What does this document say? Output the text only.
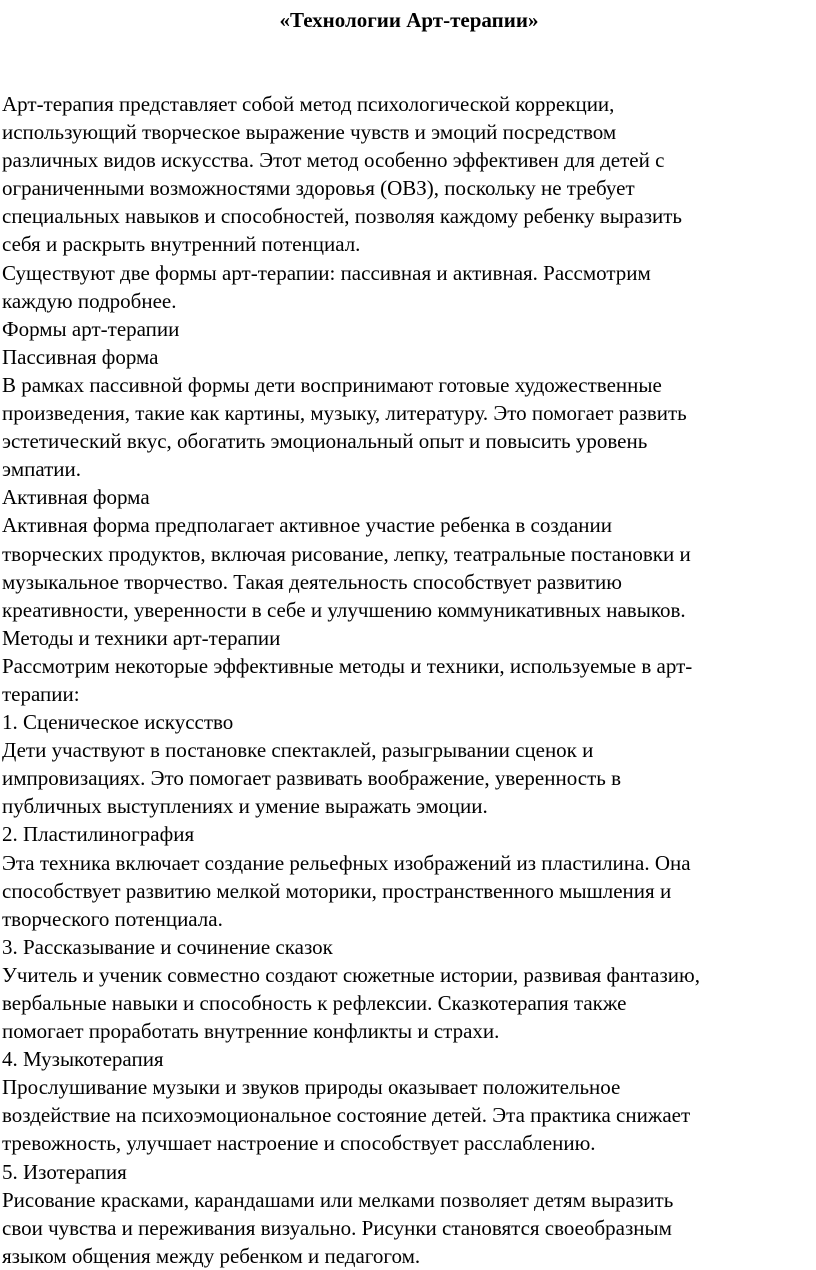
«Технологии Арт-терапии»
Арт-терапия представляет собой метод психологической коррекции,
использующий творческое выражение чувств и эмоций посредством
различных видов искусства. Этот метод особенно эффективен для детей с
ограниченными возможностями здоровья (ОВЗ), поскольку не требует
специальных навыков и способностей, позволяя каждому ребенку выразить
себя и раскрыть внутренний потенциал.
Существуют две формы арт-терапии: пассивная и активная. Рассмотрим
каждую подробнее.
Формы арт-терапии
Пассивная форма
В рамках пассивной формы дети воспринимают готовые художественные
произведения, такие как картины, музыку, литературу. Это помогает развить
эстетический вкус, обогатить эмоциональный опыт и повысить уровень
эмпатии.
Активная форма
Активная форма предполагает активное участие ребенка в создании
творческих продуктов, включая рисование, лепку, театральные постановки и
музыкальное творчество. Такая деятельность способствует развитию
креативности, уверенности в себе и улучшению коммуникативных навыков.
Методы и техники арт-терапии
Рассмотрим некоторые эффективные методы и техники, используемые в арт-
терапии:
1. Сценическое искусство
Дети участвуют в постановке спектаклей, разыгрывании сценок и
импровизациях. Это помогает развивать воображение, уверенность в
публичных выступлениях и умение выражать эмоции.
2. Пластилинография
Эта техника включает создание рельефных изображений из пластилина. Она
способствует развитию мелкой моторики, пространственного мышления и
творческого потенциала.
3. Рассказывание и сочинение сказок
Учитель и ученик совместно создают сюжетные истории, развивая фантазию,
вербальные навыки и способность к рефлексии. Сказкотерапия также
помогает проработать внутренние конфликты и страхи.
4. Музыкотерапия
Прослушивание музыки и звуков природы оказывает положительное
воздействие на психоэмоциональное состояние детей. Эта практика снижает
тревожность, улучшает настроение и способствует расслаблению.
5. Изотерапия
Рисование красками, карандашами или мелками позволяет детям выразить
свои чувства и переживания визуально. Рисунки становятся своеобразным
языком общения между ребенком и педагогом.
